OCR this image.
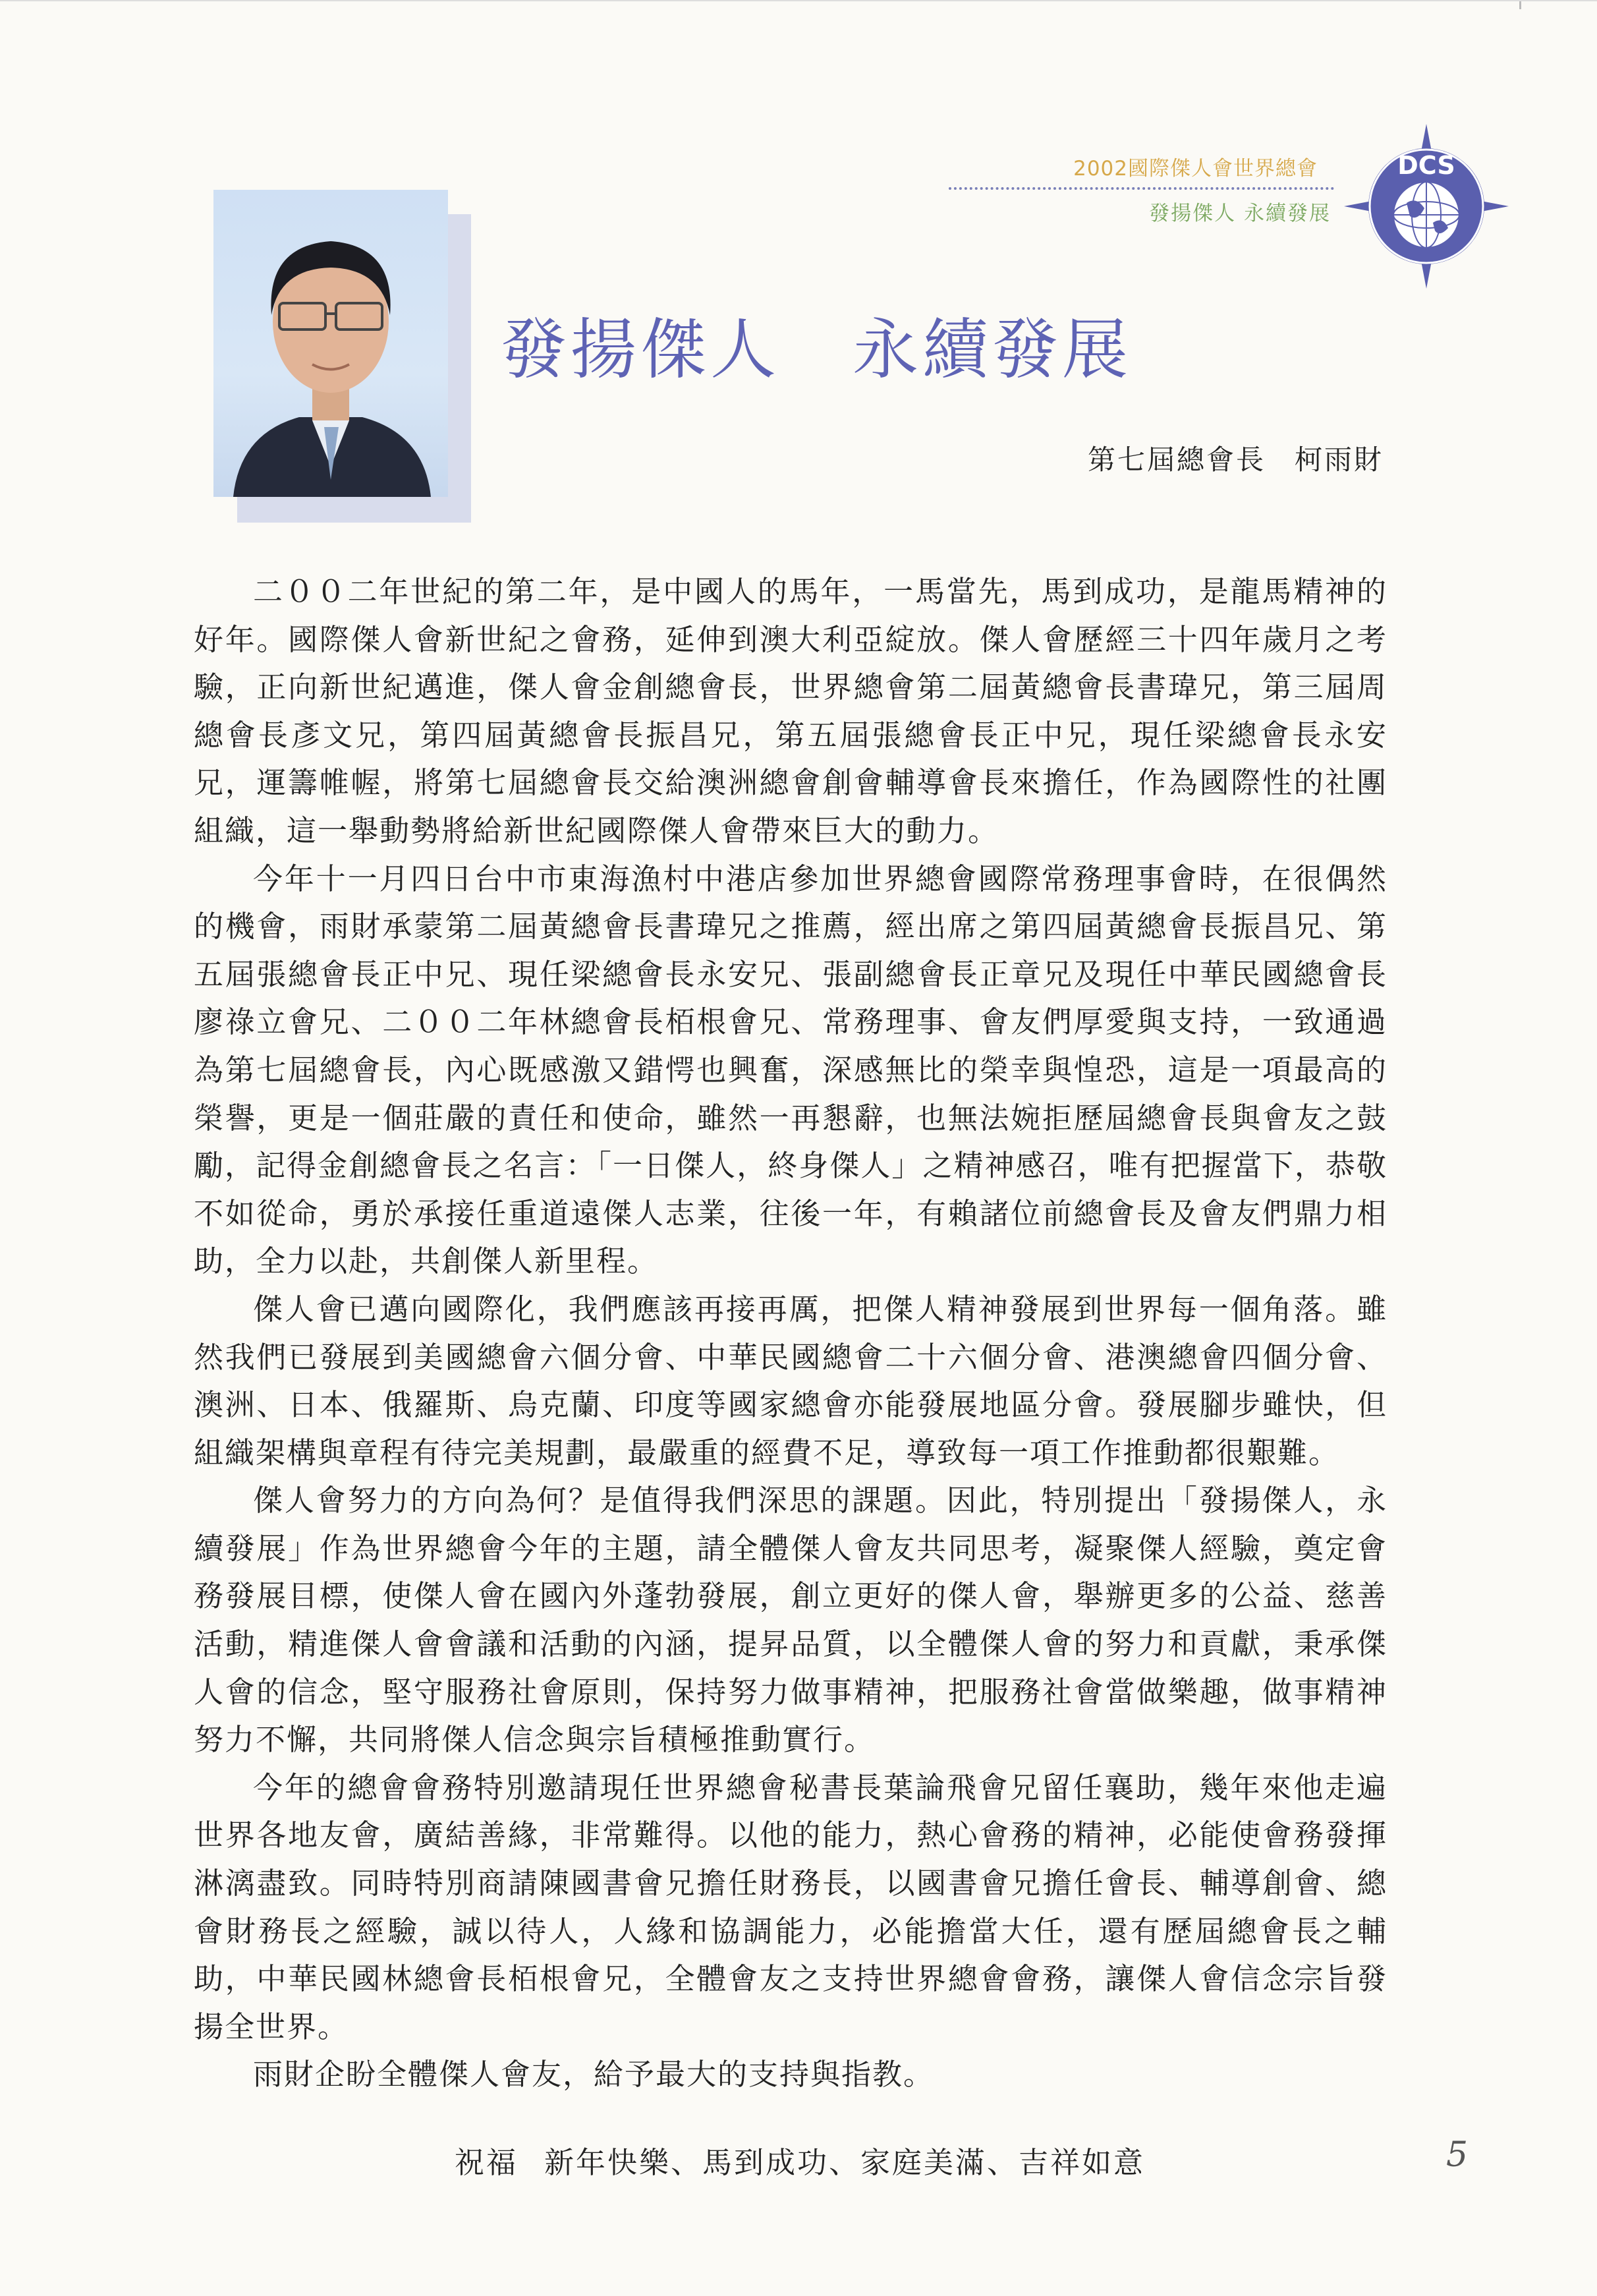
2002國際傑人會世界總會
發揚傑人 永續發展
DCS
發揚傑人 永續發展
第七屆總會長 柯雨財

二００二年世紀的第二年，是中國人的馬年，一馬當先，馬到成功，是龍馬精神的好年。國際傑人會新世紀之會務，延伸到澳大利亞綻放。傑人會歷經三十四年歲月之考驗，正向新世紀邁進，傑人會金創總會長，世界總會第二屆黃總會長書瑋兄，第三屆周總會長彥文兄，第四屆黃總會長振昌兄，第五屆張總會長正中兄，現任梁總會長永安兄，運籌帷幄，將第七屆總會長交給澳洲總會創會輔導會長來擔任，作為國際性的社團組織，這一舉動勢將給新世紀國際傑人會帶來巨大的動力。

今年十一月四日台中市東海漁村中港店參加世界總會國際常務理事會時，在很偶然的機會，雨財承蒙第二屆黃總會長書瑋兄之推薦，經出席之第四屆黃總會長振昌兄、第五屆張總會長正中兄、現任梁總會長永安兄、張副總會長正章兄及現任中華民國總會長廖祿立會兄、二００二年林總會長栢根會兄、常務理事、會友們厚愛與支持，一致通過為第七屆總會長，內心既感激又錯愕也興奮，深感無比的榮幸與惶恐，這是一項最高的榮譽，更是一個莊嚴的責任和使命，雖然一再懇辭，也無法婉拒歷屆總會長與會友之鼓勵，記得金創總會長之名言：「一日傑人，終身傑人」之精神感召，唯有把握當下，恭敬不如從命，勇於承接任重道遠傑人志業，往後一年，有賴諸位前總會長及會友們鼎力相助，全力以赴，共創傑人新里程。

傑人會已邁向國際化，我們應該再接再厲，把傑人精神發展到世界每一個角落。雖然我們已發展到美國總會六個分會、中華民國總會二十六個分會、港澳總會四個分會、澳洲、日本、俄羅斯、烏克蘭、印度等國家總會亦能發展地區分會。發展腳步雖快，但組織架構與章程有待完美規劃，最嚴重的經費不足，導致每一項工作推動都很艱難。

傑人會努力的方向為何？是值得我們深思的課題。因此，特別提出「發揚傑人，永續發展」作為世界總會今年的主題，請全體傑人會友共同思考，凝聚傑人經驗，奠定會務發展目標，使傑人會在國內外蓬勃發展，創立更好的傑人會，舉辦更多的公益、慈善活動，精進傑人會會議和活動的內涵，提昇品質，以全體傑人會的努力和貢獻，秉承傑人會的信念，堅守服務社會原則，保持努力做事精神，把服務社會當做樂趣，做事精神努力不懈，共同將傑人信念與宗旨積極推動實行。

今年的總會會務特別邀請現任世界總會秘書長葉論飛會兄留任襄助，幾年來他走遍世界各地友會，廣結善緣，非常難得。以他的能力，熱心會務的精神，必能使會務發揮淋漓盡致。同時特別商請陳國書會兄擔任財務長，以國書會兄擔任會長、輔導創會、總會財務長之經驗，誠以待人，人緣和協調能力，必能擔當大任，還有歷屆總會長之輔助，中華民國林總會長栢根會兄，全體會友之支持世界總會會務，讓傑人會信念宗旨發揚全世界。

雨財企盼全體傑人會友，給予最大的支持與指教。

祝福 新年快樂、馬到成功、家庭美滿、吉祥如意	5
